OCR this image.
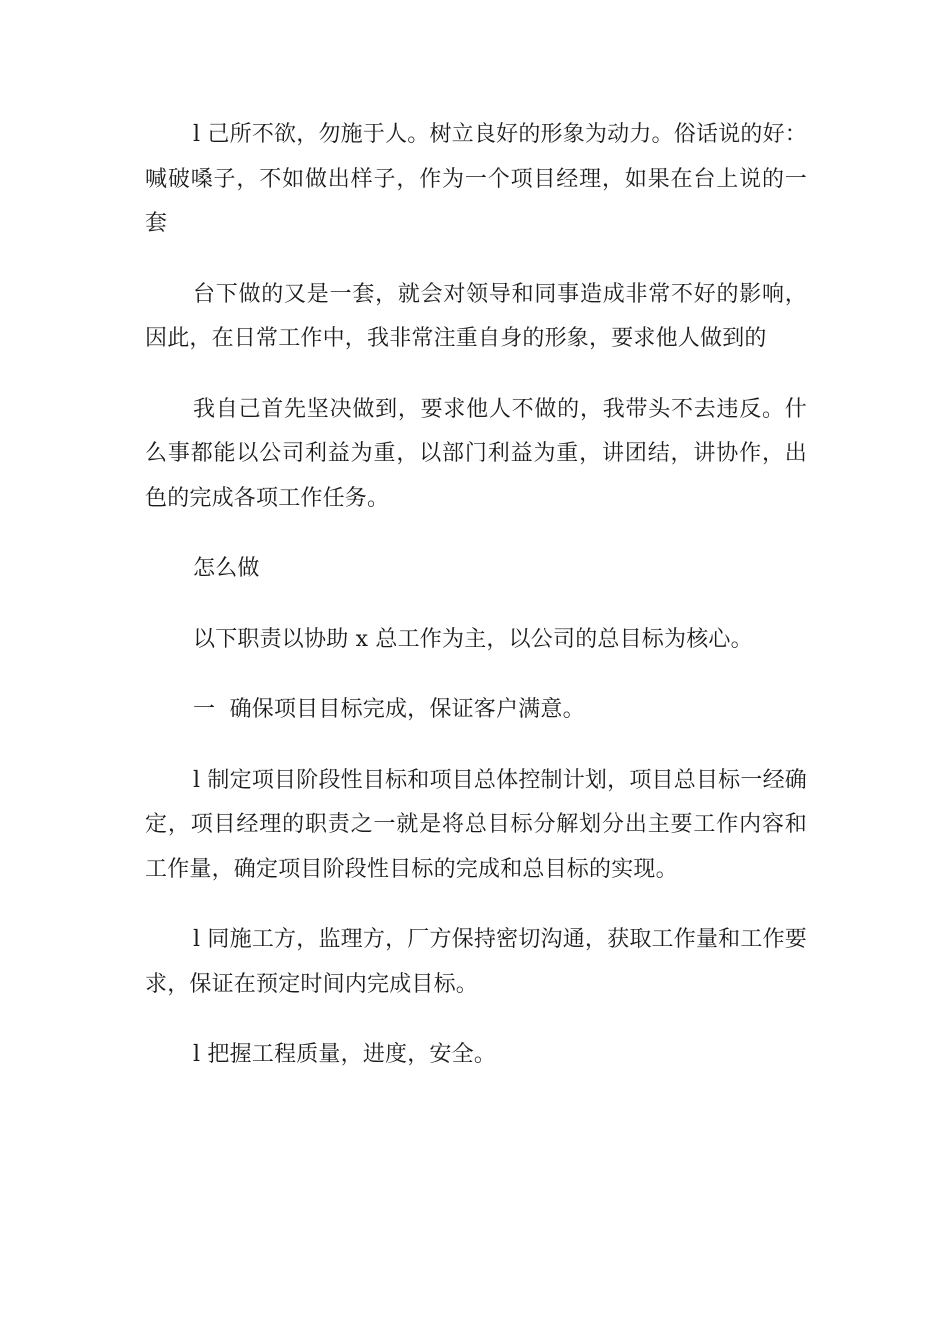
l 己所不欲，勿施于人。树立良好的形象为动力。俗话说的好：喊破嗓子，不如做出样子，作为一个项目经理，如果在台上说的一套

台下做的又是一套，就会对领导和同事造成非常不好的影响，因此，在日常工作中，我非常注重自身的形象，要求他人做到的

我自己首先坚决做到，要求他人不做的，我带头不去违反。什么事都能以公司利益为重，以部门利益为重，讲团结，讲协作，出色的完成各项工作任务。

怎么做

以下职责以协助 x 总工作为主，以公司的总目标为核心。

一  确保项目目标完成，保证客户满意。

l 制定项目阶段性目标和项目总体控制计划，项目总目标一经确定，项目经理的职责之一就是将总目标分解划分出主要工作内容和工作量，确定项目阶段性目标的完成和总目标的实现。

l 同施工方，监理方，厂方保持密切沟通，获取工作量和工作要求，保证在预定时间内完成目标。

l 把握工程质量，进度，安全。
